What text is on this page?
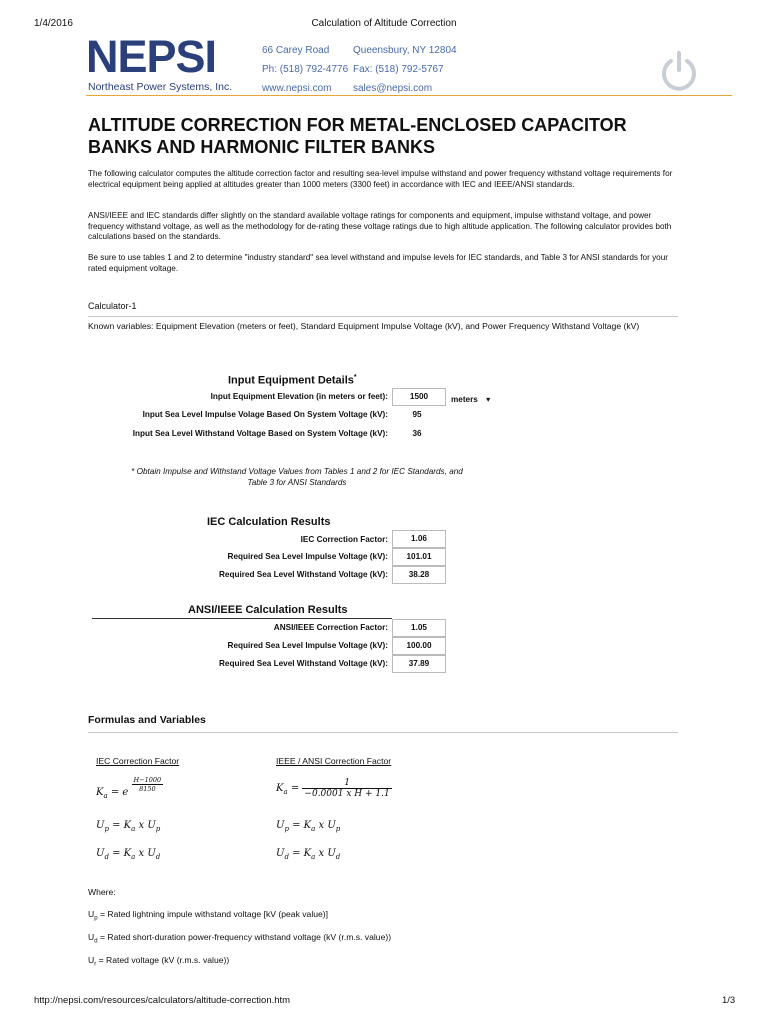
1/4/2016	Calculation of Altitude Correction
NEPSI
Northeast Power Systems, Inc.
66 Carey Road
Ph: (518) 792-4776
www.nepsi.com
Queensbury, NY 12804
Fax: (518) 792-5767
sales@nepsi.com
ALTITUDE CORRECTION FOR METAL-ENCLOSED CAPACITOR BANKS AND HARMONIC FILTER BANKS

The following calculator computes the altitude correction factor and resulting sea-level impulse withstand and power frequency withstand voltage requirements for electrical equipment being applied at altitudes greater than 1000 meters (3300 feet) in accordance with IEC and IEEE/ANSI standards.

ANSI/IEEE and IEC standards differ slightly on the standard available voltage ratings for components and equipment, impulse withstand voltage, and power frequency withstand voltage, as well as the methodology for de-rating these voltage ratings due to high altitude application. The following calculator provides both calculations based on the standards.

Be sure to use tables 1 and 2 to determine "industry standard" sea level withstand and impulse levels for IEC standards, and Table 3 for ANSI standards for your rated equipment voltage.

Calculator-1
Known variables: Equipment Elevation (meters or feet), Standard Equipment Impulse Voltage (kV), and Power Frequency Withstand Voltage (kV)
Input Equipment Details*
Input Equipment Elevation (in meters or feet):	1500	meters ▾
Input Sea Level Impulse Volage Based On System Voltage (kV):	95
Input Sea Level Withstand Voltage Based on System Voltage (kV):	36
* Obtain Impulse and Withstand Voltage Values from Tables 1 and 2 for IEC Standards, and
Table 3 for ANSI Standards
IEC Calculation Results
IEC Correction Factor:	1.06
Required Sea Level Impulse Voltage (kV):	101.01
Required Sea Level Withstand Voltage (kV):	38.28
ANSI/IEEE Calculation Results
ANSI/IEEE Correction Factor:	1.05
Required Sea Level Impulse Voltage (kV):	100.00
Required Sea Level Withstand Voltage (kV):	37.89
Formulas and Variables
IEC Correction Factor	IEEE / ANSI Correction Factor
$K_a = e \frac{H-1000}{8150}$	$K_a = \frac{1}{\text{−0.0001 x H + 1.1}}$
$U_p = K_a$ x $U_p$	$U_p = K_a$ x $U_p$
$U_d = K_a$ x $U_d$	$U_d = K_a$ x $U_d$
Where:
$U_p$ = Rated lightning impule withstand voltage [kV (peak value)]
$U_d$ = Rated short-duration power-frequency withstand voltage (kV (r.m.s. value))
$U_r$ = Rated voltage (kV (r.m.s. value))
http://nepsi.com/resources/calculators/altitude-correction.htm	1/3
